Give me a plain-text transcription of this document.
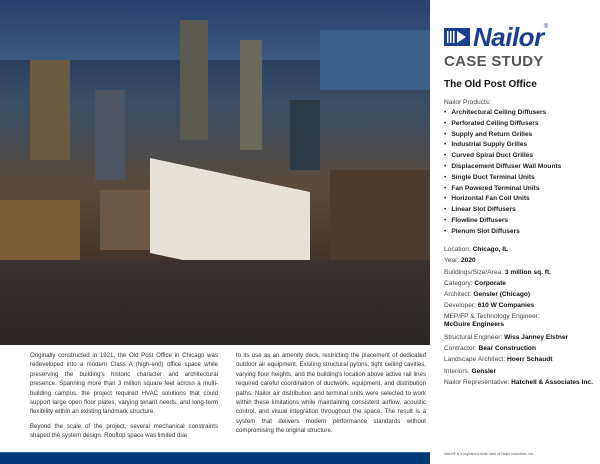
Originally constructed in 1921, the Old Post Office in Chicago was redeveloped into a modern Class A (high-end) office space while preserving the building's historic character and architectural presence. Spanning more than 3 million square feet across a multi-building campus, the project required HVAC solutions that could support large open floor plates, varying tenant needs, and long-term flexibility within an existing landmark structure.

Beyond the scale of the project, several mechanical constraints shaped the system design. Rooftop space was limited due

to its use as an amenity deck, restricting the placement of dedicated outdoor air equipment. Existing structural pylons, tight ceiling cavities, varying floor heights, and the building's location above active rail lines required careful coordination of ductwork, equipment, and distribution paths. Nailor air distribution and terminal units were selected to work within these limitations while maintaining consistent airflow, acoustic control, and visual integration throughout the space. The result is a system that delivers modern performance standards without compromising the original structure.

Nailor®
CASE STUDY
The Old Post Office
Nailor Products:
• Architectural Ceiling Diffusers
• Perforated Ceiling Diffusers
• Supply and Return Grilles
• Industrial Supply Grilles
• Curved Spiral Duct Grilles
• Displacement Diffuser Wall Mounts
• Single Duct Terminal Units
• Fan Powered Terminal Units
• Horizontal Fan Coil Units
• Linear Slot Diffusers
• Flowline Diffusers
• Plenum Slot Diffusers
Location: Chicago, IL
Year: 2020
Buildings/Size/Area: 3 million sq. ft.
Category: Corporate
Architect: Gensler (Chicago)
Developer: 610 W Companies
MEP/FP & Technology Engineer:
McGuire Engineers
Structural Engineer: Wiss Janney Elstner
Contractor: Bear Construction
Landscape Architect: Hoerr Schaudt
Interiors: Gensler
Nailor Representative: Hatchell & Associates Inc.
Nailor® is a registered trade mark of Nailor Industries, Inc.
